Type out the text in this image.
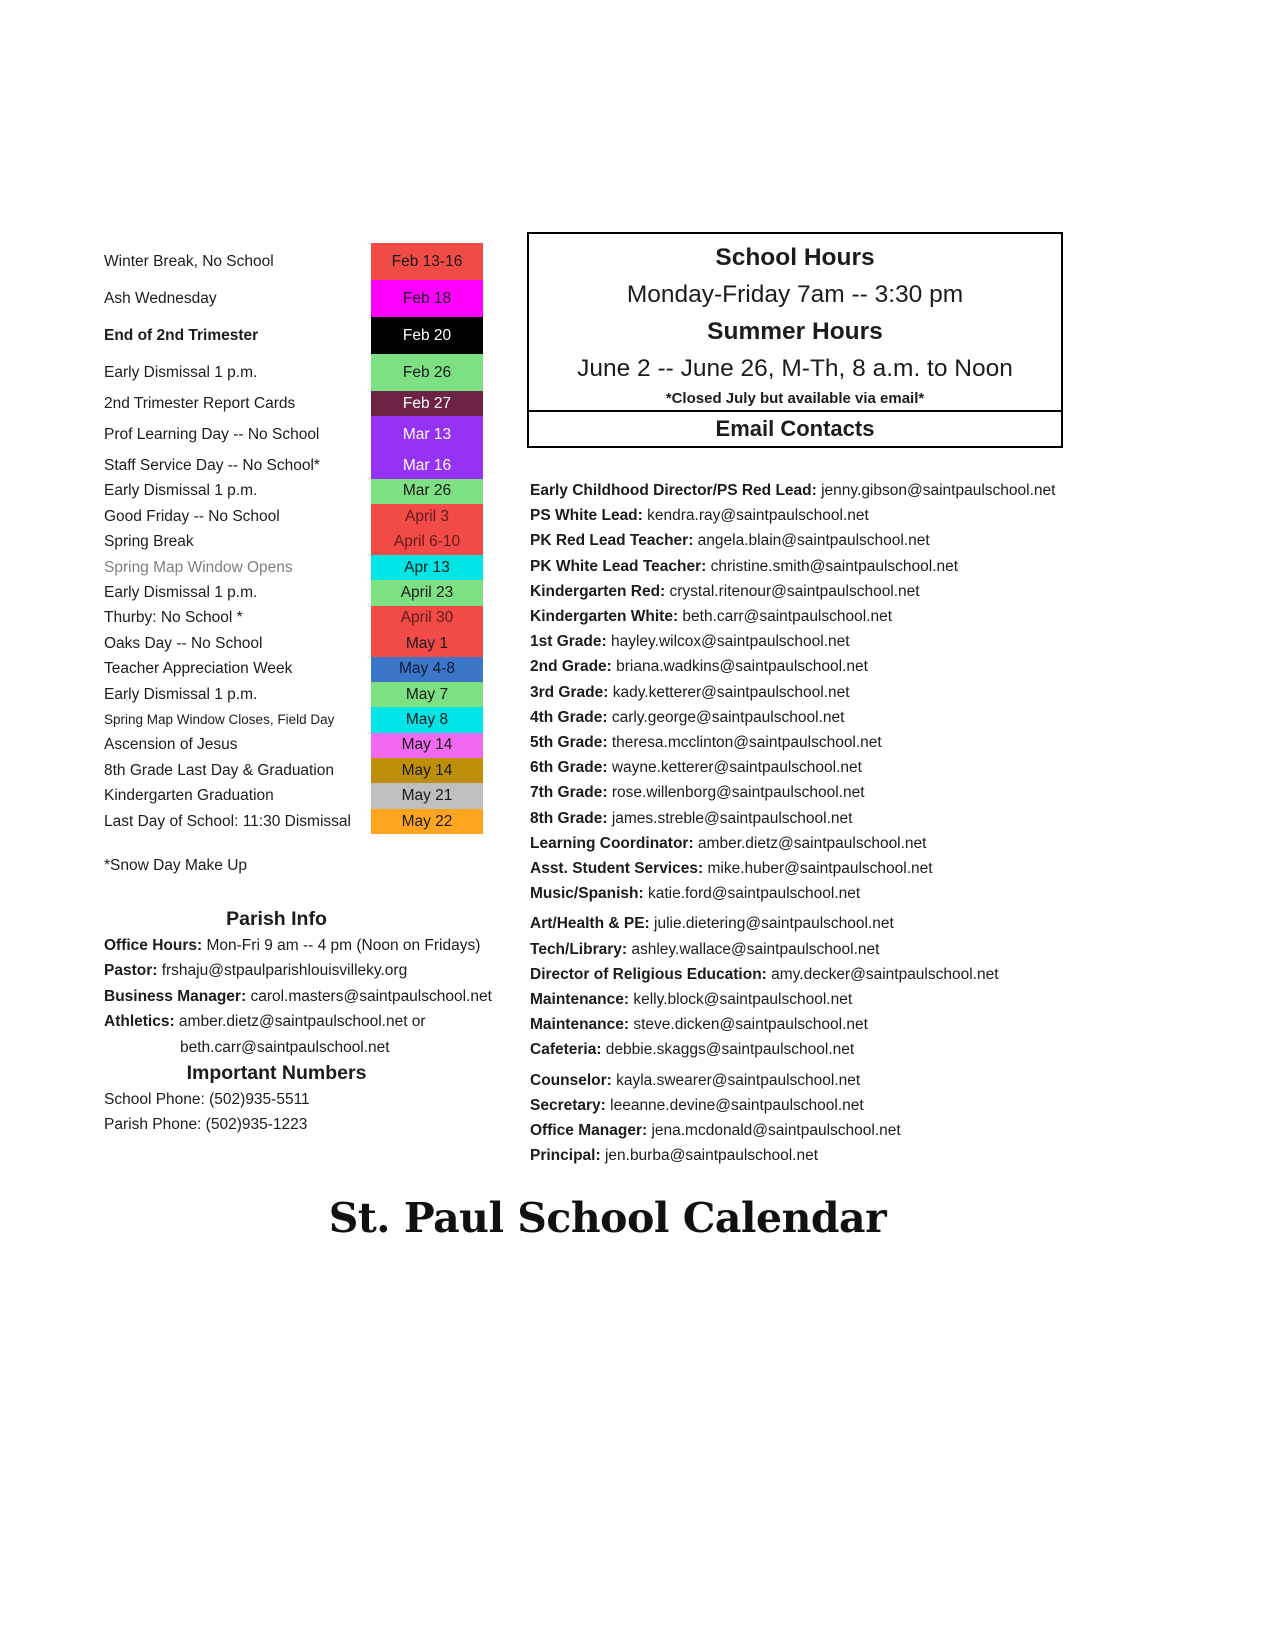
Winter Break, No School	Feb 13-16
Ash Wednesday	Feb 18
End of 2nd Trimester	Feb 20
Early Dismissal 1 p.m.	Feb 26
2nd Trimester Report Cards	Feb 27
Prof Learning Day -- No School	Mar 13
Staff Service Day -- No School*	Mar 16
Early Dismissal 1 p.m.	Mar 26
Good Friday -- No School	April 3
Spring Break	April 6-10
Spring Map Window Opens	Apr 13
Early Dismissal 1 p.m.	April 23
Thurby: No School *	April 30
Oaks Day -- No School	May 1
Teacher Appreciation Week	May 4-8
Early Dismissal 1 p.m.	May 7
Spring Map Window Closes, Field Day	May 8
Ascension of Jesus	May 14
8th Grade Last Day & Graduation	May 14
Kindergarten Graduation	May 21
Last Day of School: 11:30 Dismissal	May 22
School Hours
Monday-Friday 7am -- 3:30 pm
Summer Hours
June 2 -- June 26, M-Th, 8 a.m. to Noon
*Closed July but available via email*
Email Contacts
Early Childhood Director/PS Red Lead: jenny.gibson@saintpaulschool.net
PS White Lead: kendra.ray@saintpaulschool.net
PK Red Lead Teacher: angela.blain@saintpaulschool.net
PK White Lead Teacher: christine.smith@saintpaulschool.net
Kindergarten Red: crystal.ritenour@saintpaulschool.net
Kindergarten White: beth.carr@saintpaulschool.net
1st Grade: hayley.wilcox@saintpaulschool.net
2nd Grade: briana.wadkins@saintpaulschool.net
3rd Grade: kady.ketterer@saintpaulschool.net
4th Grade: carly.george@saintpaulschool.net
5th Grade: theresa.mcclinton@saintpaulschool.net
6th Grade: wayne.ketterer@saintpaulschool.net
7th Grade: rose.willenborg@saintpaulschool.net
8th Grade: james.streble@saintpaulschool.net
Learning Coordinator: amber.dietz@saintpaulschool.net
Asst. Student Services: mike.huber@saintpaulschool.net
Music/Spanish: katie.ford@saintpaulschool.net
Art/Health & PE: julie.dietering@saintpaulschool.net
Tech/Library: ashley.wallace@saintpaulschool.net
Director of Religious Education: amy.decker@saintpaulschool.net
Maintenance: kelly.block@saintpaulschool.net
Maintenance: steve.dicken@saintpaulschool.net
Cafeteria: debbie.skaggs@saintpaulschool.net
Counselor: kayla.swearer@saintpaulschool.net
Secretary: leeanne.devine@saintpaulschool.net
Office Manager: jena.mcdonald@saintpaulschool.net
Principal: jen.burba@saintpaulschool.net
*Snow Day Make Up
Parish Info
Office Hours: Mon-Fri 9 am -- 4 pm (Noon on Fridays)
Pastor: frshaju@stpaulparishlouisvilleky.org
Business Manager: carol.masters@saintpaulschool.net
Athletics: amber.dietz@saintpaulschool.net or
beth.carr@saintpaulschool.net
Important Numbers
School Phone: (502)935-5511
Parish Phone: (502)935-1223
St. Paul School Calendar
